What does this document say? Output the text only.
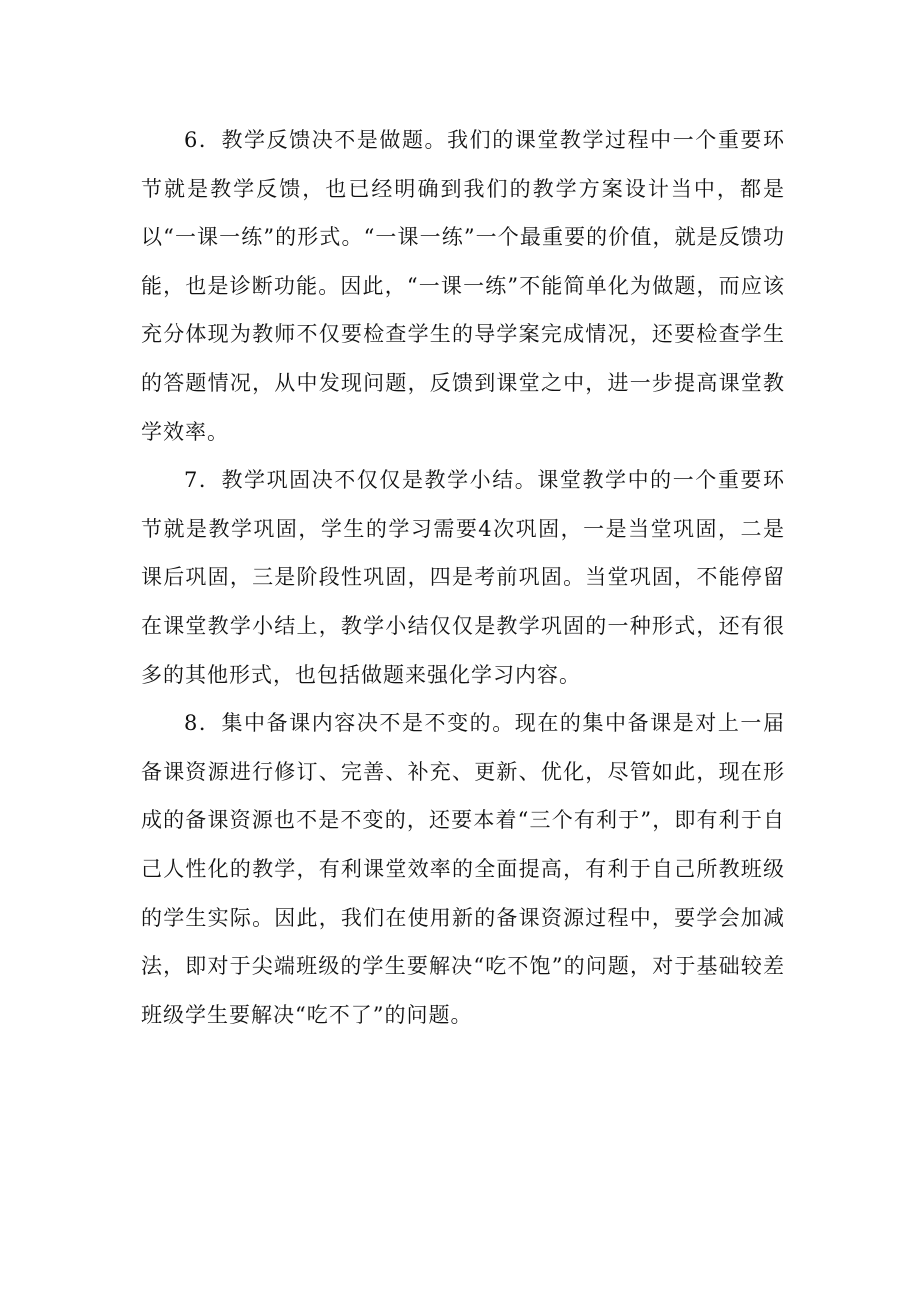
6．教学反馈决不是做题。我们的课堂教学过程中一个重要环节就是教学反馈，也已经明确到我们的教学方案设计当中，都是以“一课一练”的形式。“一课一练”一个最重要的价值，就是反馈功能，也是诊断功能。因此，“一课一练”不能简单化为做题，而应该充分体现为教师不仅要检查学生的导学案完成情况，还要检查学生的答题情况，从中发现问题，反馈到课堂之中，进一步提高课堂教学效率。

7．教学巩固决不仅仅是教学小结。课堂教学中的一个重要环节就是教学巩固，学生的学习需要4次巩固，一是当堂巩固，二是课后巩固，三是阶段性巩固，四是考前巩固。当堂巩固，不能停留在课堂教学小结上，教学小结仅仅是教学巩固的一种形式，还有很多的其他形式，也包括做题来强化学习内容。

8．集中备课内容决不是不变的。现在的集中备课是对上一届备课资源进行修订、完善、补充、更新、优化，尽管如此，现在形成的备课资源也不是不变的，还要本着“三个有利于”，即有利于自己人性化的教学，有利课堂效率的全面提高，有利于自己所教班级的学生实际。因此，我们在使用新的备课资源过程中，要学会加减法，即对于尖端班级的学生要解决“吃不饱”的问题，对于基础较差班级学生要解决“吃不了”的问题。
